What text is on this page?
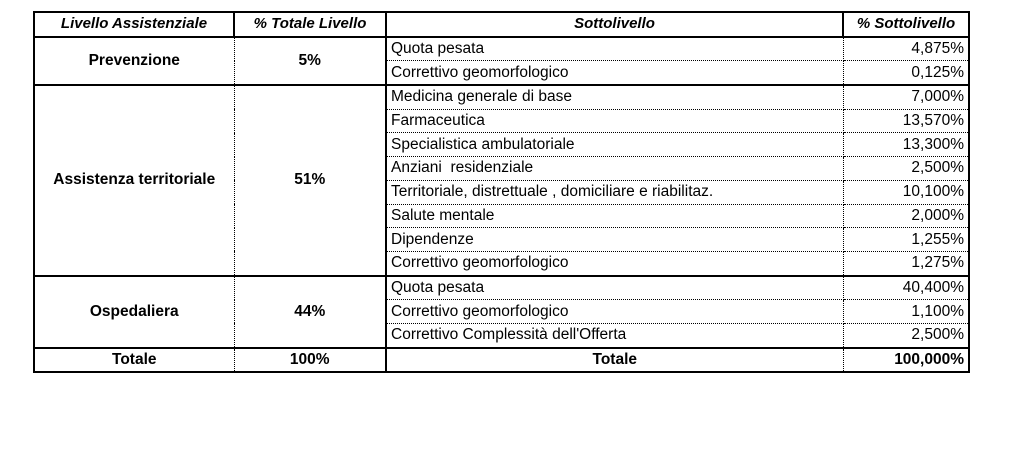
Livello Assistenziale	% Totale Livello	Sottolivello	% Sottolivello
Prevenzione	5%	Quota pesata	4,875%
		Correttivo geomorfologico	0,125%
Assistenza territoriale	51%	Medicina generale di base	7,000%
		Farmaceutica	13,570%
		Specialistica ambulatoriale	13,300%
		Anziani  residenziale	2,500%
		Territoriale, distrettuale , domiciliare e riabilitaz.	10,100%
		Salute mentale	2,000%
		Dipendenze	1,255%
		Correttivo geomorfologico	1,275%
Ospedaliera	44%	Quota pesata	40,400%
		Correttivo geomorfologico	1,100%
		Correttivo Complessità dell'Offerta	2,500%
Totale	100%	Totale	100,000%
